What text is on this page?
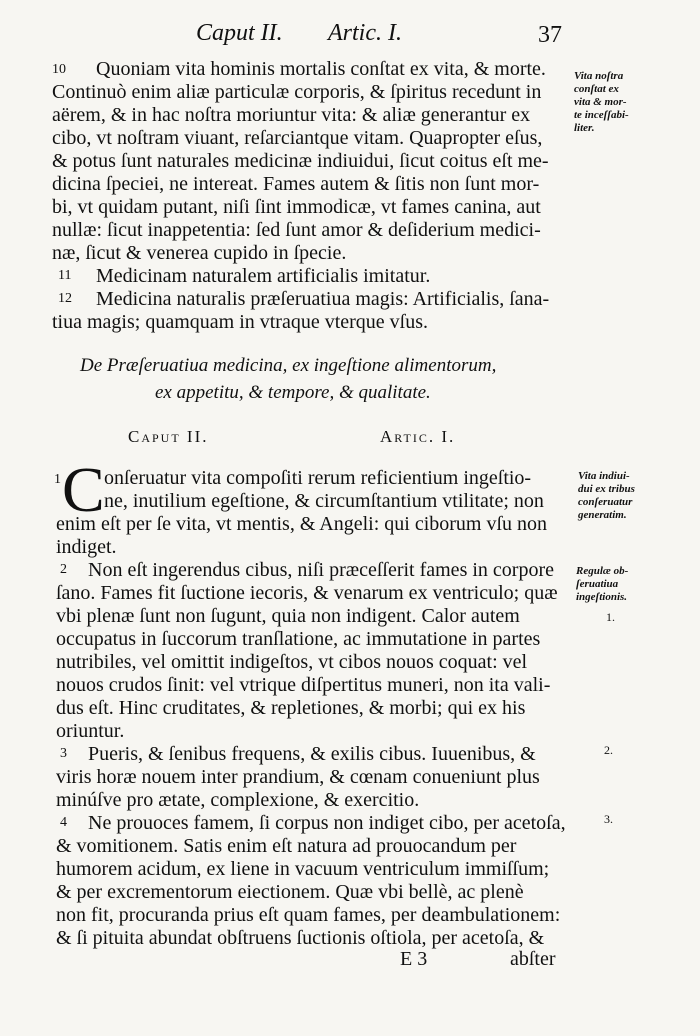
Caput II. Artic. I.	37
10 Quoniam vita hominis mortalis conſtat ex vita, & morte.
Continuò enim aliæ particulæ corporis, & ſpiritus recedunt in
aërem, & in hac noſtra moriuntur vita: & aliæ generantur ex
cibo, vt noſtram viuant, reſarciantque vitam. Quapropter eſus,
& potus ſunt naturales medicinæ indiuidui, ſicut coitus eſt me-
dicina ſpeciei, ne intereat. Fames autem & ſitis non ſunt mor-
bi, vt quidam putant, niſi ſint immodicæ, vt fames canina, aut
nullæ: ſicut inappetentia: ſed ſunt amor & deſiderium medici-
næ, ſicut & venerea cupido in ſpecie.
11 Medicinam naturalem artificialis imitatur.
12 Medicina naturalis præſeruatiua magis: Artificialis, ſana-
tiua magis; quamquam in vtraque vterque vſus.
Vita noſtra
conſtat ex
vita & mor-
te inceſſabi-
liter.
De Præſeruatiua medicina, ex ingeſtione alimentorum,
ex appetitu, & tempore, & qualitate.
Caput II.	Artic. I.
1 C onſeruatur vita compoſiti rerum reficientium ingeſtio-
ne, inutilium egeſtione, & circumſtantium vtilitate; non
enim eſt per ſe vita, vt mentis, & Angeli: qui ciborum vſu non
indiget.
2 Non eſt ingerendus cibus, niſi præceſſerit fames in corpore
ſano. Fames fit ſuctione iecoris, & venarum ex ventriculo; quæ
vbi plenæ ſunt non ſugunt, quia non indigent. Calor autem
occupatus in ſuccorum tranſlatione, ac immutatione in partes
nutribiles, vel omittit indigeſtos, vt cibos nouos coquat: vel
nouos crudos ſinit: vel vtrique diſpertitus muneri, non ita vali-
dus eſt. Hinc cruditates, & repletiones, & morbi; qui ex his
oriuntur.
3 Pueris, & ſenibus frequens, & exilis cibus. Iuuenibus, &
viris horæ nouem inter prandium, & cœnam conueniunt plus
minúſve pro ætate, complexione, & exercitio.
4 Ne prouoces famem, ſi corpus non indiget cibo, per acetoſa,
& vomitionem. Satis enim eſt natura ad prouocandum per
humorem acidum, ex liene in vacuum ventriculum immiſſum;
& per excrementorum eiectionem. Quæ vbi bellè, ac plenè
non fit, procuranda prius eſt quam fames, per deambulationem:
& ſi pituita abundat obſtruens ſuctionis oſtiola, per acetoſa, &
Vita indiui-
dui ex tribus
conſeruatur
generatim.
Regulæ ob-
ſeruatiua
ingeſtionis.
1.
2.
3.
E 3	abſter
